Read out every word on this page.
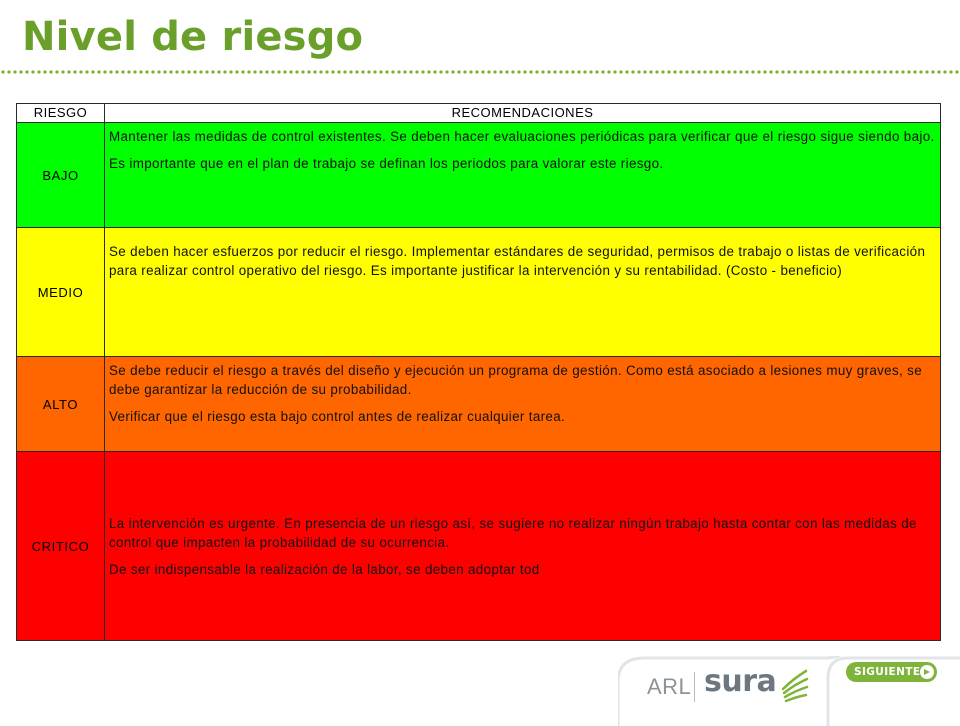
Nivel de riesgo
RIESGO	RECOMENDACIONES
BAJO	Mantener las medidas de control existentes. Se deben hacer evaluaciones periódicas para verificar que el riesgo sigue siendo bajo.

Es importante que en el plan de trabajo se definan los periodos para valorar este riesgo.

MEDIO	Se deben hacer esfuerzos por reducir el riesgo. Implementar estándares de seguridad, permisos de trabajo o listas de verificación para realizar control operativo del riesgo. Es importante justificar la intervención y su rentabilidad. (Costo - beneficio)

ALTO	Se debe reducir el riesgo a través del diseño y ejecución un programa de gestión. Como está asociado a lesiones muy graves, se debe garantizar la reducción de su probabilidad.

Verificar que el riesgo esta bajo control antes de realizar cualquier tarea.

CRITICO	La intervención es urgente. En presencia de un riesgo así, se sugiere no realizar ningún trabajo hasta contar con las medidas de control que impacten la probabilidad de su ocurrencia.

De ser indispensable la realización de la labor, se deben adoptar tod

ARL sura	SIGUIENTE
